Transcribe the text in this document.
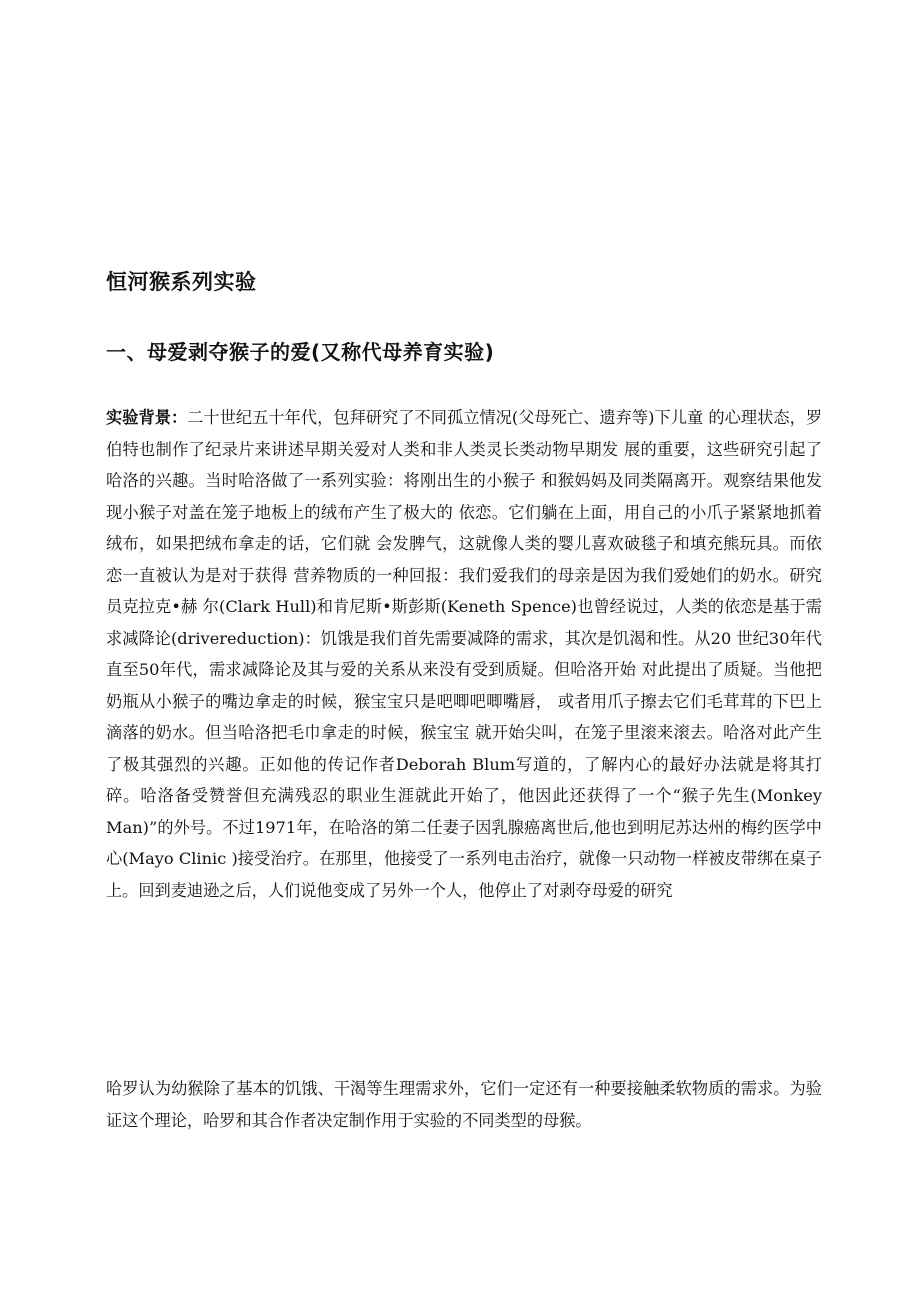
恒河猴系列实验
一、母爱剥夺猴子的爱(又称代母养育实验)

实验背景：二十世纪五十年代，包拜研究了不同孤立情况(父母死亡、遗弃等)下儿童 的心理状态，罗伯特也制作了纪录片来讲述早期关爱对人类和非人类灵长类动物早期发 展的重要，这些研究引起了哈洛的兴趣。当时哈洛做了一系列实验：将刚出生的小猴子 和猴妈妈及同类隔离开。观察结果他发现小猴子对盖在笼子地板上的绒布产生了极大的 依恋。它们躺在上面，用自己的小爪子紧紧地抓着绒布，如果把绒布拿走的话，它们就 会发脾气，这就像人类的婴儿喜欢破毯子和填充熊玩具。而依恋一直被认为是对于获得 营养物质的一种回报：我们爱我们的母亲是因为我们爱她们的奶水。研究员克拉克•赫 尔(Clark Hull)和肯尼斯•斯彭斯(Keneth Spence)也曾经说过，人类的依恋是基于需 求减降论(drivereduction)：饥饿是我们首先需要减降的需求，其次是饥渴和性。从20 世纪30年代直至50年代，需求减降论及其与爱的关系从来没有受到质疑。但哈洛开始 对此提出了质疑。当他把奶瓶从小猴子的嘴边拿走的时候，猴宝宝只是吧唧吧唧嘴唇， 或者用爪子擦去它们毛茸茸的下巴上滴落的奶水。但当哈洛把毛巾拿走的时候，猴宝宝 就开始尖叫，在笼子里滚来滚去。哈洛对此产生了极其强烈的兴趣。正如他的传记作者Deborah Blum写道的，了解内心的最好办法就是将其打碎。哈洛备受赞誉但充满残忍的职业生涯就此开始了，他因此还获得了一个“猴子先生(Monkey Man)”的外号。不过1971年，在哈洛的第二任妻子因乳腺癌离世后,他也到明尼苏达州的梅约医学中心(Mayo Clinic )接受治疗。在那里，他接受了一系列电击治疗，就像一只动物一样被皮带绑在桌子上。回到麦迪逊之后，人们说他变成了另外一个人，他停止了对剥夺母爱的研究

哈罗认为幼猴除了基本的饥饿、干渴等生理需求外，它们一定还有一种要接触柔软物质的需求。为验证这个理论，哈罗和其合作者决定制作用于实验的不同类型的母猴。
